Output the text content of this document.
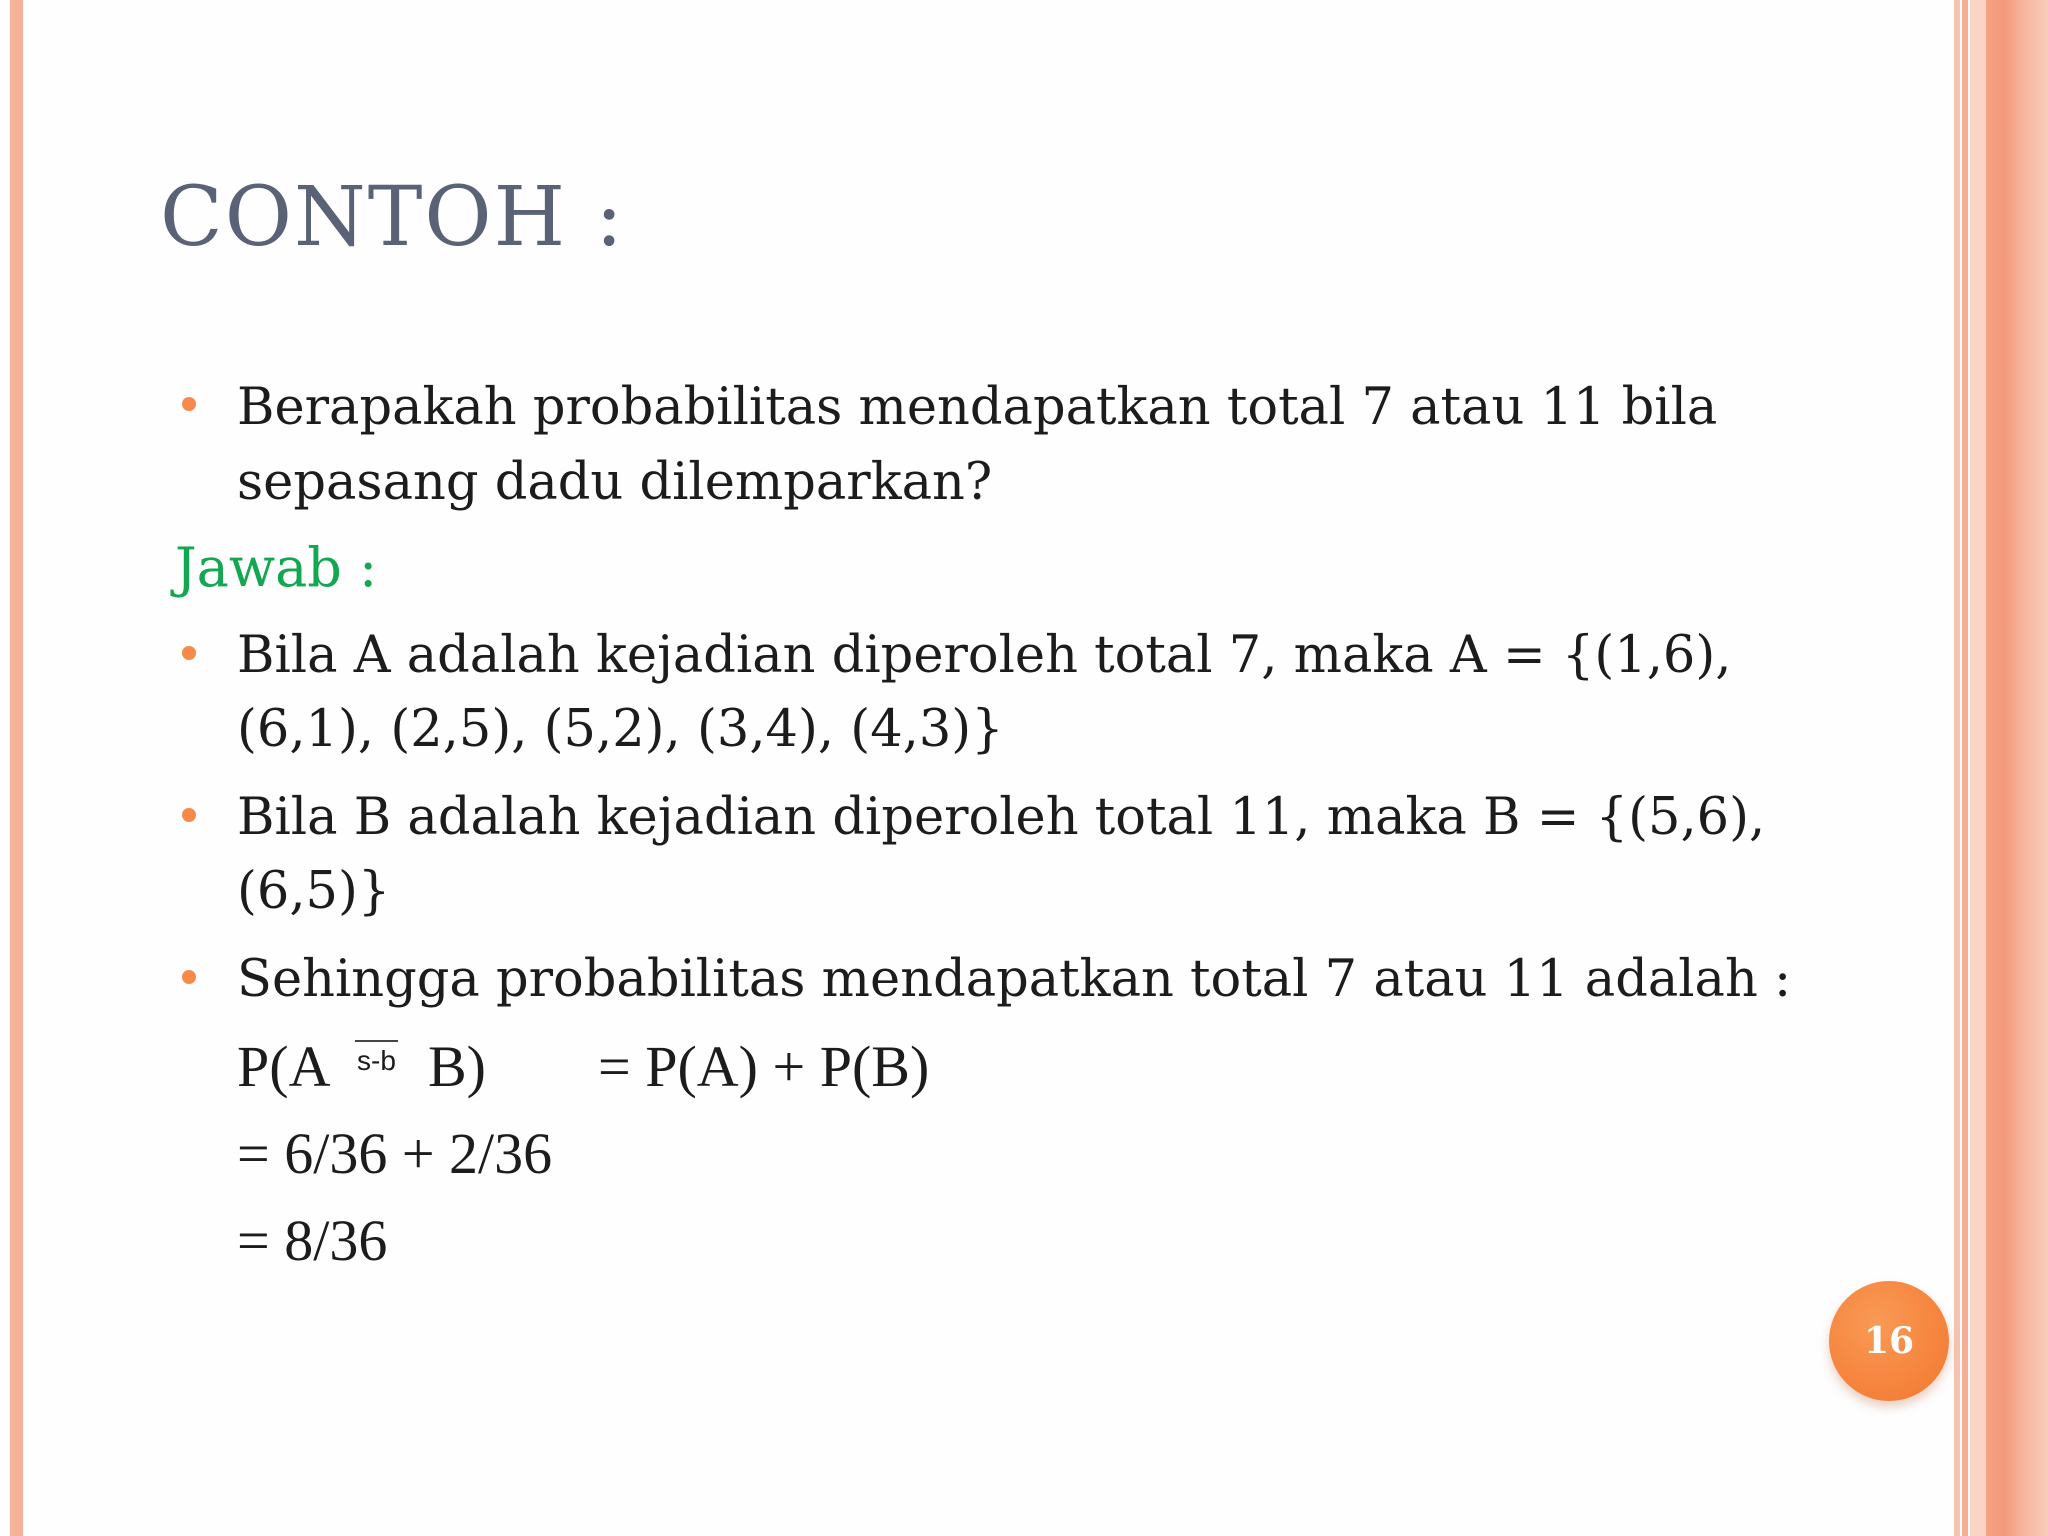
CONTOH :
Berapakah probabilitas mendapatkan total 7 atau 11 bila
sepasang dadu dilemparkan?
Jawab :
Bila A adalah kejadian diperoleh total 7, maka A = {(1,6),
(6,1), (2,5), (5,2), (3,4), (4,3)}
Bila B adalah kejadian diperoleh total 11, maka B = {(5,6),
(6,5)}
Sehingga probabilitas mendapatkan total 7 atau 11 adalah :
P(A s-b B) = P(A) + P(B)
= 6/36 + 2/36
= 8/36
16
